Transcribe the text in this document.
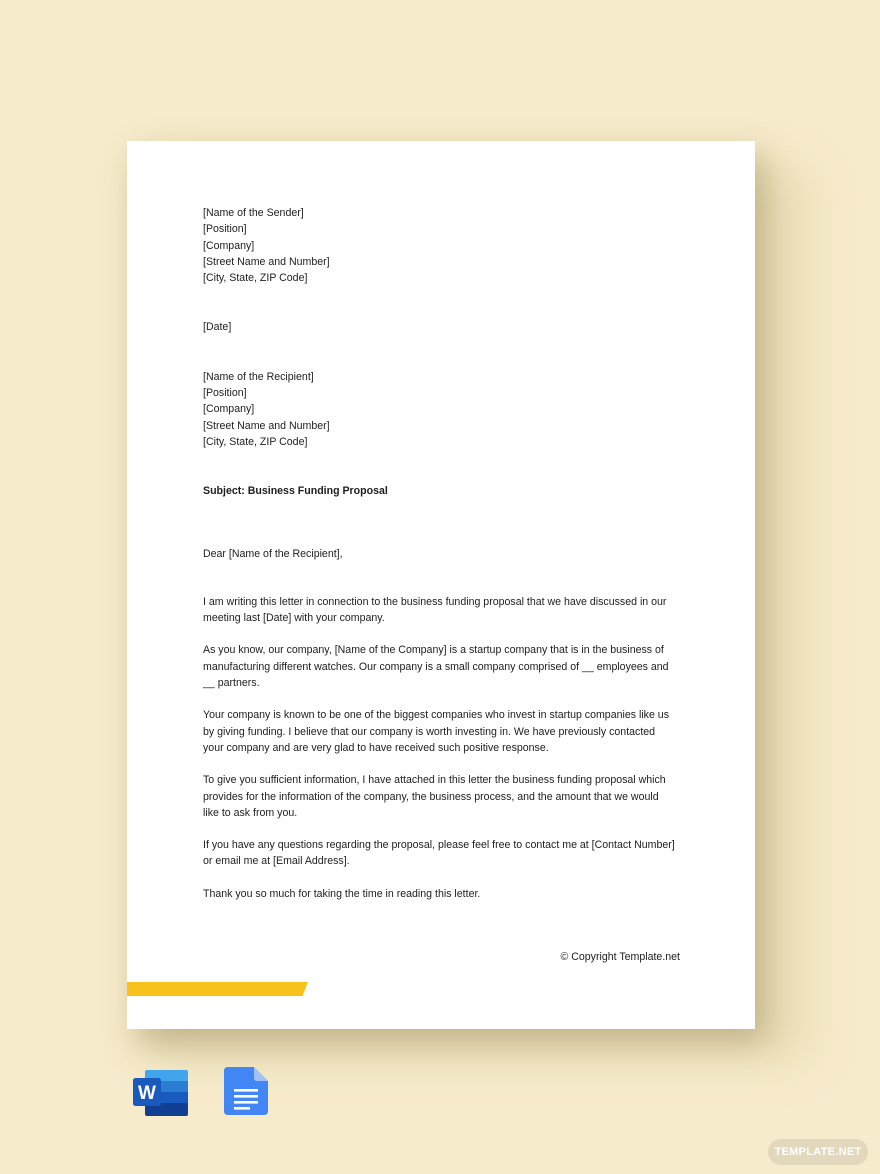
[Name of the Sender]
[Position]
[Company]
[Street Name and Number]
[City, State, ZIP Code]
[Date]
[Name of the Recipient]
[Position]
[Company]
[Street Name and Number]
[City, State, ZIP Code]
Subject: Business Funding Proposal
Dear [Name of the Recipient],
I am writing this letter in connection to the business funding proposal that we have discussed in our
meeting last [Date] with your company.
As you know, our company, [Name of the Company] is a startup company that is in the business of
manufacturing different watches. Our company is a small company comprised of __ employees and
__ partners.
Your company is known to be one of the biggest companies who invest in startup companies like us
by giving funding. I believe that our company is worth investing in. We have previously contacted
your company and are very glad to have received such positive response.
To give you sufficient information, I have attached in this letter the business funding proposal which
provides for the information of the company, the business process, and the amount that we would
like to ask from you.
If you have any questions regarding the proposal, please feel free to contact me at [Contact Number]
or email me at [Email Address].
Thank you so much for taking the time in reading this letter.
© Copyright Template.net
W
TEMPLATE.NET
